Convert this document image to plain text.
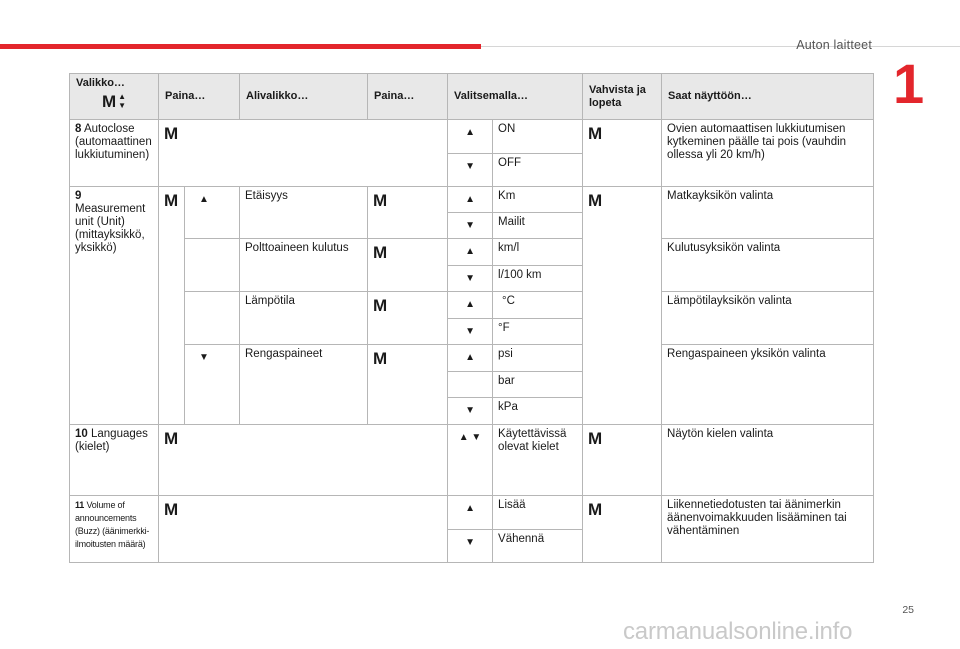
Auton laitteet
1
Valikko…
M ▲
▼
	Paina…	Alivalikko…	Paina…	Valitsemalla…	Vahvista ja lopeta	Saat näyttöön…
8 Autoclose (automaattinen lukkiutuminen)	M				▲	ON	M	Ovien automaattisen lukkiutumisen kytkeminen päälle tai pois (vauhdin ollessa yli 20 km/h)
					▼	OFF		
9 Measurement unit (Unit) (mittayksikkö, yksikkö)	M	▲	Etäisyys	M	▲	Km	M	Matkayksikön valinta
					▼	Mailit		
			Polttoaineen kulutus	M	▲	km/l		Kulutusyksikön valinta
					▼	l/100 km		
			Lämpötila	M	▲	°C		Lämpötilayksikön valinta
					▼	°F		
		▼	Rengaspaineet	M	▲	psi		Rengaspaineen yksikön valinta
						bar		
					▼	kPa		
10 Languages (kielet)	M				▲ ▼	Käytettävissä olevat kielet	M	Näytön kielen valinta
11 Volume of announcements (Buzz) (äänimerkki-ilmoitusten määrä)	M				▲	Lisää	M	Liikennetiedotusten tai äänimerkin äänenvoimakkuuden lisääminen tai vähentäminen
					▼	Vähennä		
25
carmanualsonline.info
